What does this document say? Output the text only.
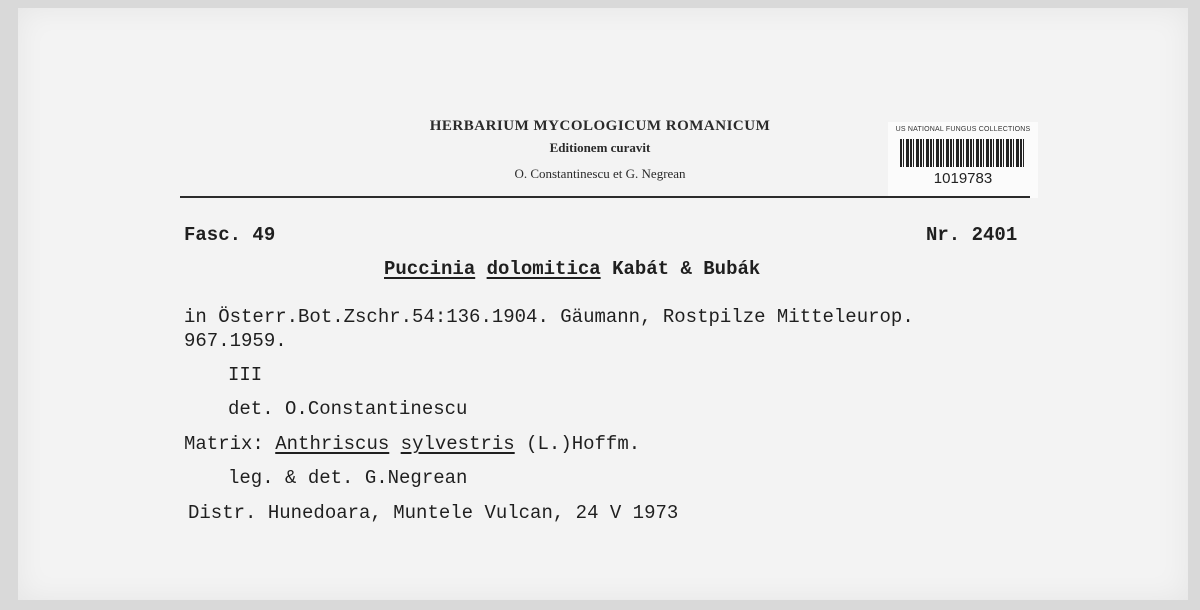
HERBARIUM MYCOLOGICUM ROMANICUM
Editionem curavit
O. Constantinescu et G. Negrean
US NATIONAL FUNGUS COLLECTIONS
1019783
Fasc. 49	Nr. 2401
Puccinia dolomitica Kabát & Bubák
in Österr.Bot.Zschr.54:136.1904. Gäumann, Rostpilze Mitteleurop.
967.1959.
III
det. O.Constantinescu
Matrix: Anthriscus sylvestris (L.)Hoffm.
leg. & det. G.Negrean
Distr. Hunedoara, Muntele Vulcan, 24 V 1973
